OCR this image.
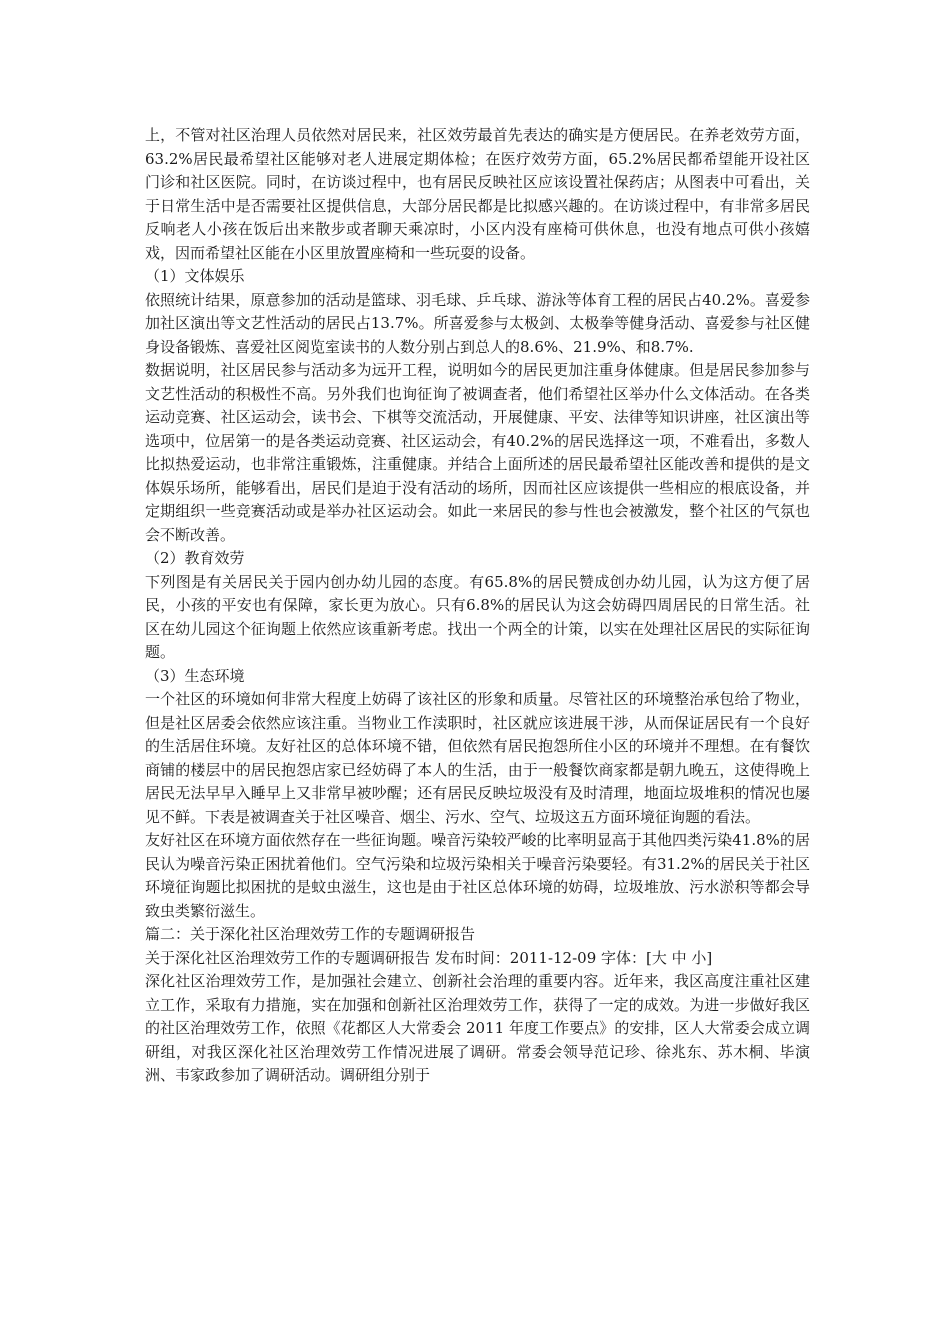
上，不管对社区治理人员依然对居民来，社区效劳最首先表达的确实是方便居民。在养老效劳方面，63.2%居民最希望社区能够对老人进展定期体检；在医疗效劳方面，65.2%居民都希望能开设社区门诊和社区医院。同时，在访谈过程中，也有居民反映社区应该设置社保药店；从图表中可看出，关于日常生活中是否需要社区提供信息，大部分居民都是比拟感兴趣的。在访谈过程中，有非常多居民反响老人小孩在饭后出来散步或者聊天乘凉时，小区内没有座椅可供休息，也没有地点可供小孩嬉戏，因而希望社区能在小区里放置座椅和一些玩耍的设备。

（1）文体娱乐

依照统计结果，原意参加的活动是篮球、羽毛球、乒乓球、游泳等体育工程的居民占40.2%。喜爱参加社区演出等文艺性活动的居民占13.7%。所喜爱参与太极剑、太极拳等健身活动、喜爱参与社区健身设备锻炼、喜爱社区阅览室读书的人数分别占到总人的8.6%、21.9%、和8.7%.

数据说明，社区居民参与活动多为远开工程，说明如今的居民更加注重身体健康。但是居民参加参与文艺性活动的积极性不高。另外我们也询征询了被调查者，他们希望社区举办什么文体活动。在各类运动竞赛、社区运动会，读书会、下棋等交流活动，开展健康、平安、法律等知识讲座，社区演出等选项中，位居第一的是各类运动竞赛、社区运动会，有40.2%的居民选择这一项，不难看出，多数人比拟热爱运动，也非常注重锻炼，注重健康。并结合上面所述的居民最希望社区能改善和提供的是文体娱乐场所，能够看出，居民们是迫于没有活动的场所，因而社区应该提供一些相应的根底设备，并定期组织一些竞赛活动或是举办社区运动会。如此一来居民的参与性也会被激发，整个社区的气氛也会不断改善。

（2）教育效劳

下列图是有关居民关于园内创办幼儿园的态度。有65.8%的居民赞成创办幼儿园，认为这方便了居民，小孩的平安也有保障，家长更为放心。只有6.8%的居民认为这会妨碍四周居民的日常生活。社区在幼儿园这个征询题上依然应该重新考虑。找出一个两全的计策，以实在处理社区居民的实际征询题。

（3）生态环境

一个社区的环境如何非常大程度上妨碍了该社区的形象和质量。尽管社区的环境整治承包给了物业，但是社区居委会依然应该注重。当物业工作渎职时，社区就应该进展干涉，从而保证居民有一个良好的生活居住环境。友好社区的总体环境不错，但依然有居民抱怨所住小区的环境并不理想。在有餐饮商铺的楼层中的居民抱怨店家已经妨碍了本人的生活，由于一般餐饮商家都是朝九晚五，这使得晚上居民无法早早入睡早上又非常早被吵醒；还有居民反映垃圾没有及时清理，地面垃圾堆积的情况也屡见不鲜。下表是被调查关于社区噪音、烟尘、污水、空气、垃圾这五方面环境征询题的看法。

友好社区在环境方面依然存在一些征询题。噪音污染较严峻的比率明显高于其他四类污染41.8%的居民认为噪音污染正困扰着他们。空气污染和垃圾污染相关于噪音污染要轻。有31.2%的居民关于社区环境征询题比拟困扰的是蚊虫滋生，这也是由于社区总体环境的妨碍，垃圾堆放、污水淤积等都会导致虫类繁衍滋生。

篇二：关于深化社区治理效劳工作的专题调研报告

关于深化社区治理效劳工作的专题调研报告 发布时间：2011-12-09 字体：[大 中 小]

深化社区治理效劳工作，是加强社会建立、创新社会治理的重要内容。近年来，我区高度注重社区建立工作，采取有力措施，实在加强和创新社区治理效劳工作，获得了一定的成效。为进一步做好我区的社区治理效劳工作，依照《花都区人大常委会 2011 年度工作要点》的安排，区人大常委会成立调研组，对我区深化社区治理效劳工作情况进展了调研。常委会领导范记珍、徐兆东、苏木桐、毕演洲、韦家政参加了调研活动。调研组分别于
